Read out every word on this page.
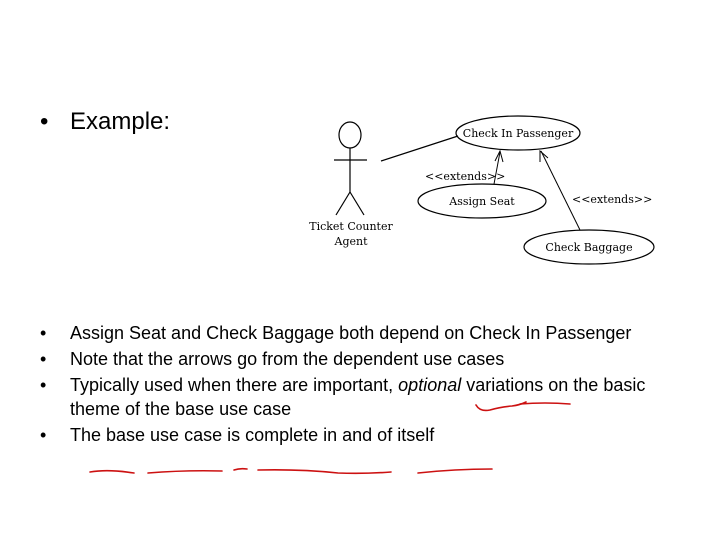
• Example:
Ticket Counter
Agent
Check In Passenger
Assign Seat
Check Baggage
<<extends>>
<<extends>>
•	Assign Seat and Check Baggage both depend on Check In Passenger
•	Note that the arrows go from the dependent use cases
•	Typically used when there are important, optional variations on the basic theme of the base use case
•	The base use case is complete in and of itself
